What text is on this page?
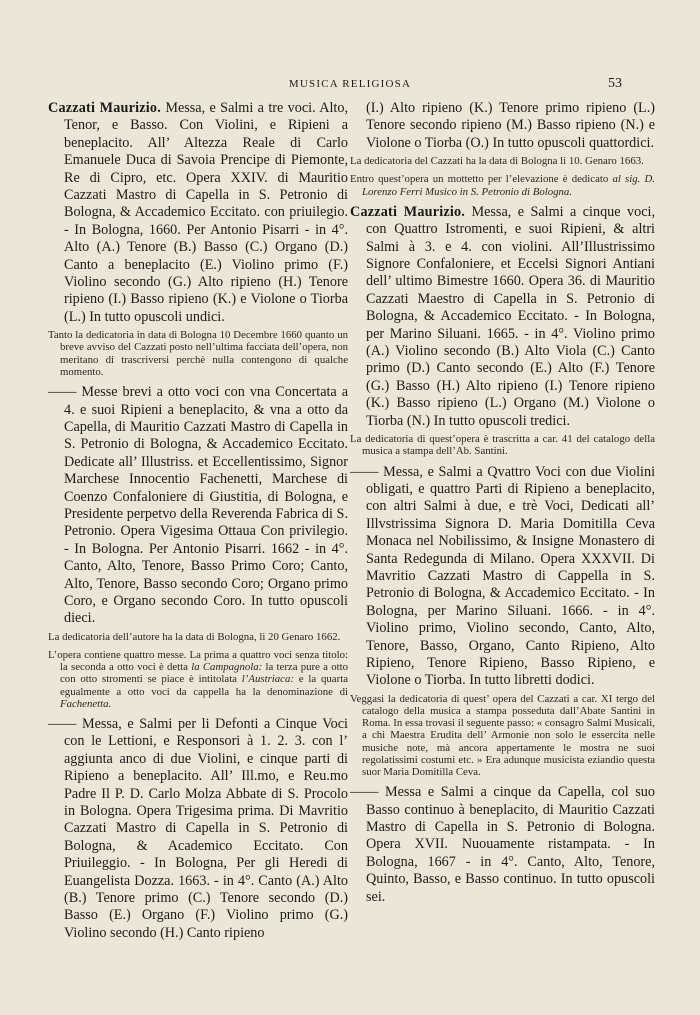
MUSICA RELIGIOSA	53

Cazzati Maurizio. Messa, e Salmi a tre voci. Alto, Tenor, e Basso. Con Violini, e Ripieni a beneplacito. All’ Altezza Reale di Carlo Emanuele Duca di Savoia Prencipe di Piemonte, Re di Cipro, etc. Opera XXIV. di Mauritio Cazzati Mastro di Capella in S. Petronio di Bologna, & Accademico Eccitato. con priuilegio. - In Bologna, 1660. Per Antonio Pisarri - in 4°. Alto (A.) Tenore (B.) Basso (C.) Organo (D.) Canto a beneplacito (E.) Violino primo (F.) Violino secondo (G.) Alto ripieno (H.) Tenore ripieno (I.) Basso ripieno (K.) e Violone o Tiorba (L.) In tutto opuscoli undici.

Tanto la dedicatoria in data di Bologna 10 Decembre 1660 quanto un breve avviso del Cazzati posto nell’ultima facciata dell’opera, non meritano di trascriversi perchè nulla contengono di qualche momento.

—— Messe brevi a otto voci con vna Concertata a 4. e suoi Ripieni a beneplacito, & vna a otto da Capella, di Mauritio Cazzati Mastro di Capella in S. Petronio di Bologna, & Accademico Eccitato. Dedicate all’ Illustriss. et Eccellentissimo, Signor Marchese Innocentio Fachenetti, Marchese di Coenzo Confaloniere di Giustitia, di Bologna, e Presidente perpetvo della Reverenda Fabrica di S. Petronio. Opera Vigesima Ottaua Con privilegio. - In Bologna. Per Antonio Pisarri. 1662 - in 4°. Canto, Alto, Tenore, Basso Primo Coro; Canto, Alto, Tenore, Basso secondo Coro; Organo primo Coro, e Organo secondo Coro. In tutto opuscoli dieci.

La dedicatoria dell’autore ha la data di Bologna, li 20 Genaro 1662.

L’opera contiene quattro messe. La prima a quattro voci senza titolo: la seconda a otto voci è detta la Campagnola: la terza pure a otto con otto stromenti se piace è intitolata l’Austriaca: e la quarta egualmente a otto voci da cappella ha la denominazione di Fachenetta.

—— Messa, e Salmi per li Defonti a Cinque Voci con le Lettioni, e Responsori à 1. 2. 3. con l’ aggiunta anco di due Violini, e cinque parti di Ripieno a beneplacito. All’ Ill.mo, e Reu.mo Padre Il P. D. Carlo Molza Abbate di S. Procolo in Bologna. Opera Trigesima prima. Di Mavritio Cazzati Mastro di Capella in S. Petronio di Bologna, & Academico Eccitato. Con Priuileggio. - In Bologna, Per gli Heredi di Euangelista Dozza. 1663. - in 4°. Canto (A.) Alto (B.) Tenore primo (C.) Tenore secondo (D.) Basso (E.) Organo (F.) Violino primo (G.) Violino secondo (H.) Canto ripieno

(I.) Alto ripieno (K.) Tenore primo ripieno (L.) Tenore secondo ripieno (M.) Basso ripieno (N.) e Violone o Tiorba (O.) In tutto opuscoli quattordici.

La dedicatoria del Cazzati ha la data di Bologna li 10. Genaro 1663.

Entro quest’opera un mottetto per l’elevazione è dedicato al sig. D. Lorenzo Ferri Musico in S. Petronio di Bologna.

Cazzati Maurizio. Messa, e Salmi a cinque voci, con Quattro Istromenti, e suoi Ripieni, & altri Salmi à 3. e 4. con violini. All’Illustrissimo Signore Confaloniere, et Eccelsi Signori Antiani dell’ ultimo Bimestre 1660. Opera 36. di Mauritio Cazzati Maestro di Capella in S. Petronio di Bologna, & Accademico Eccitato. - In Bologna, per Marino Siluani. 1665. - in 4°. Violino primo (A.) Violino secondo (B.) Alto Viola (C.) Canto primo (D.) Canto secondo (E.) Alto (F.) Tenore (G.) Basso (H.) Alto ripieno (I.) Tenore ripieno (K.) Basso ripieno (L.) Organo (M.) Violone o Tiorba (N.) In tutto opuscoli tredici.

La dedicatoria di quest’opera è trascritta a car. 41 del catalogo della musica a stampa dell’Ab. Santini.

—— Messa, e Salmi a Qvattro Voci con due Violini obligati, e quattro Parti di Ripieno a beneplacito, con altri Salmi à due, e trè Voci, Dedicati all’ Illvstrissima Signora D. Maria Domitilla Ceva Monaca nel Nobilissimo, & Insigne Monastero di Santa Redegunda di Milano. Opera XXXVII. Di Mavritio Cazzati Mastro di Cappella in S. Petronio di Bologna, & Accademico Eccitato. - In Bologna, per Marino Siluani. 1666. - in 4°. Violino primo, Violino secondo, Canto, Alto, Tenore, Basso, Organo, Canto Ripieno, Alto Ripieno, Tenore Ripieno, Basso Ripieno, e Violone o Tiorba. In tutto libretti dodici.

Veggasi la dedicatoria di quest’ opera del Cazzati a car. XI tergo del catalogo della musica a stampa posseduta dall’Abate Santini in Roma. In essa trovasi il seguente passo: « consagro Salmi Musicali, a chi Maestra Erudita dell’ Armonie non solo le essercita nelle musiche note, mà ancora appertamente le mostra ne suoi regolatissimi costumi etc. » Era adunque musicista eziandio questa suor Maria Domitilla Ceva.

—— Messa e Salmi a cinque da Capella, col suo Basso continuo à beneplacito, di Mauritio Cazzati Mastro di Capella in S. Petronio di Bologna. Opera XVII. Nuouamente ristampata. - In Bologna, 1667 - in 4°. Canto, Alto, Tenore, Quinto, Basso, e Basso continuo. In tutto opuscoli sei.
